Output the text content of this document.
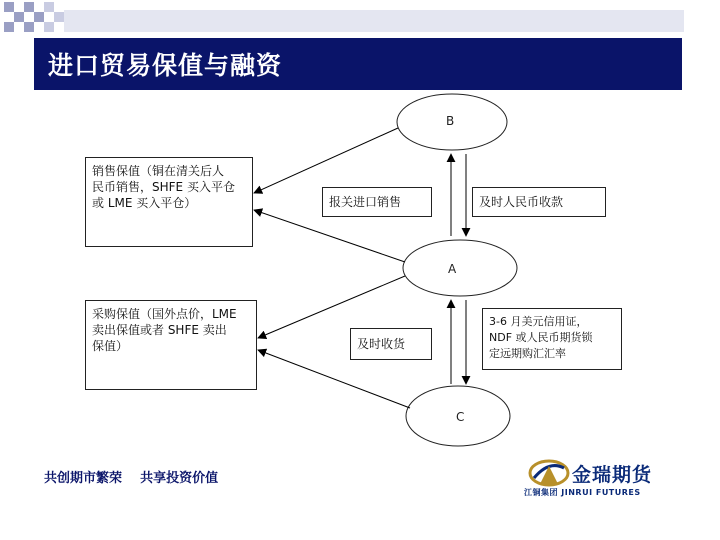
进口贸易保值与融资
B
A
C
销售保值（铜在清关后人
民币销售，SHFE 买入平仓
或 LME 买入平仓）
采购保值（国外点价，LME
卖出保值或者 SHFE 卖出
保值）
报关进口销售	及时人民币收款
及时收货
3-6 月美元信用证，
NDF 或人民币期货锁
定远期购汇汇率
共创期市繁荣    共享投资价值	金瑞期货
江铜集团 JINRUI FUTURES
